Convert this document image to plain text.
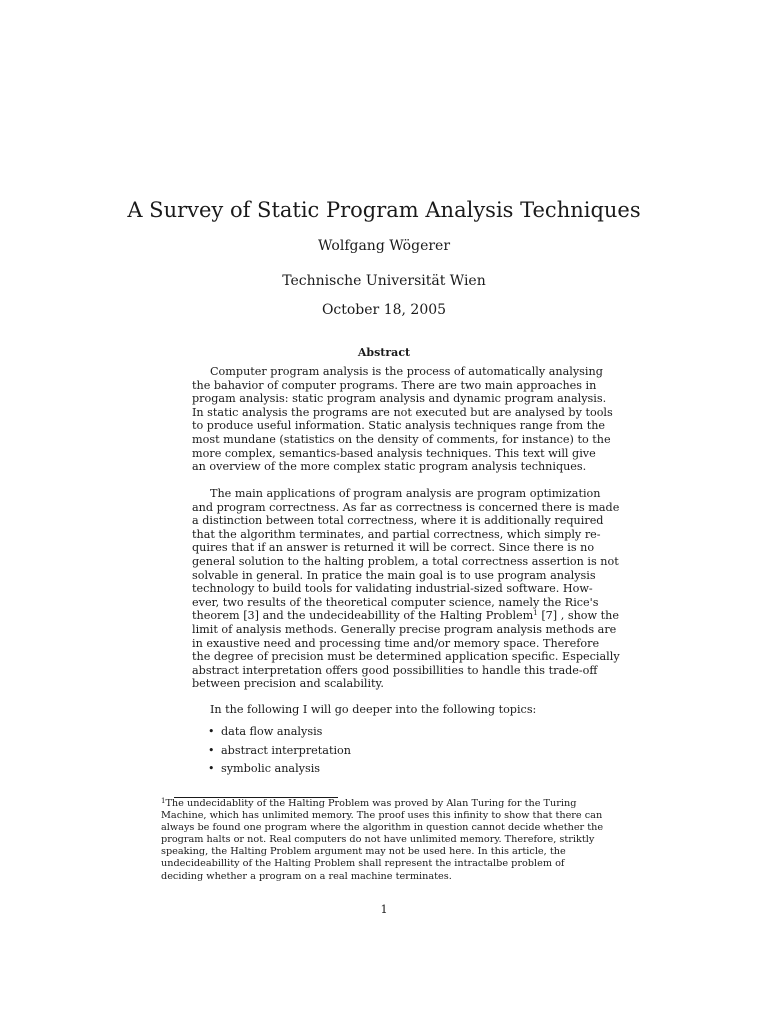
A Survey of Static Program Analysis Techniques
Wolfgang Wögerer
Technische Universität Wien
October 18, 2005
Abstract
Computer program analysis is the process of automatically analysing
the bahavior of computer programs. There are two main approaches in
progam analysis: static program analysis and dynamic program analysis.
In static analysis the programs are not executed but are analysed by tools
to produce useful information. Static analysis techniques range from the
most mundane (statistics on the density of comments, for instance) to the
more complex, semantics-based analysis techniques. This text will give
an overview of the more complex static program analysis techniques.
The main applications of program analysis are program optimization
and program correctness. As far as correctness is concerned there is made
a distinction between total correctness, where it is additionally required
that the algorithm terminates, and partial correctness, which simply re-
quires that if an answer is returned it will be correct. Since there is no
general solution to the halting problem, a total correctness assertion is not
solvable in general. In pratice the main goal is to use program analysis
technology to build tools for validating industrial-sized software. How-
ever, two results of the theoretical computer science, namely the Rice's
theorem [3] and the undecideabillity of the Halting Problem$^1$ [7] , show the
limit of analysis methods. Generally precise program analysis methods are
in exaustive need and processing time and/or memory space. Therefore
the degree of precision must be determined application specific. Especially
abstract interpretation offers good possibillities to handle this trade-off
between precision and scalability.
In the following I will go deeper into the following topics:
• data flow analysis
• abstract interpretation
• symbolic analysis
$^1$The undecidablity of the Halting Problem was proved by Alan Turing for the Turing Machine, which has unlimited memory. The proof uses this infinity to show that there can always be found one program where the algorithm in question cannot decide whether the program halts or not. Real computers do not have unlimited memory. Therefore, striktly speaking, the Halting Problem argument may not be used here. In this article, the undecideabillity of the Halting Problem shall represent the intractalbe problem of deciding whether a program on a real machine terminates.
1
